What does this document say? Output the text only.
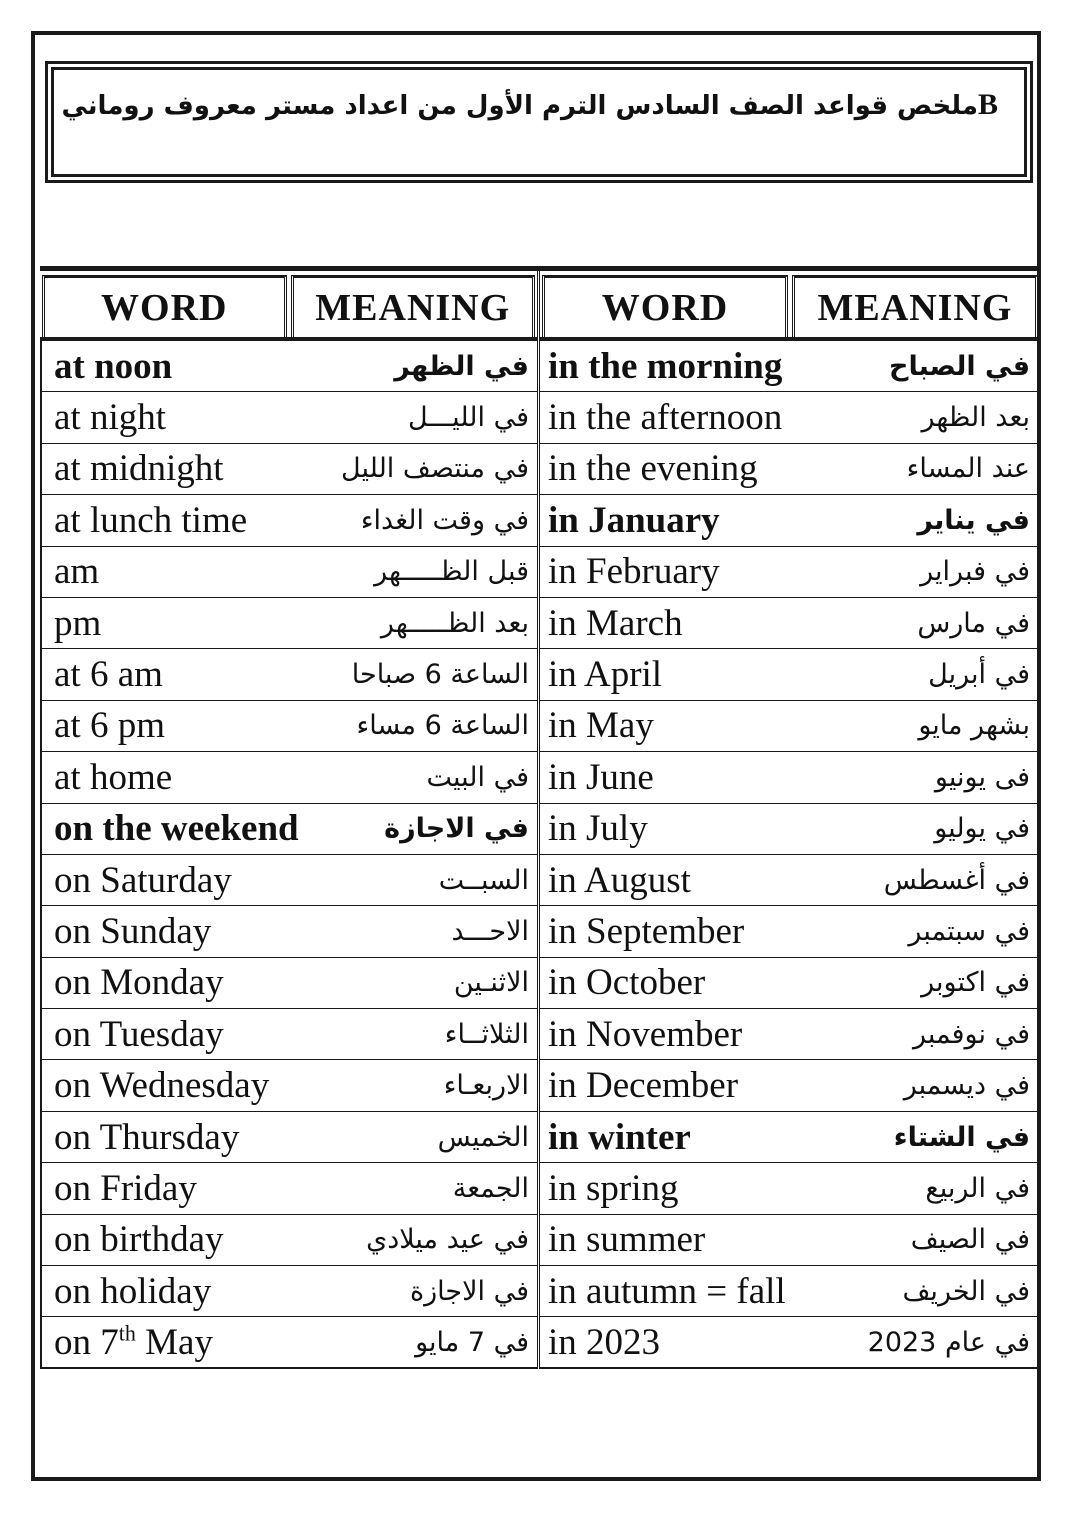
Bملخص قواعد الصف السادس الترم الأول من اعداد مستر معروف روماني
WORD	MEANING
at noon	في الظهر
at night	في الليـــل
at midnight	في منتصف الليل
at lunch time	في وقت الغداء
am	قبل الظـــــهر
pm	بعد الظـــــهر
at 6 am	الساعة 6 صباحا
at 6 pm	الساعة 6 مساء
at home	في البيت
on the weekend	في الاجازة
on Saturday	السبــت
on Sunday	الاحـــد
on Monday	الاثنـين
on Tuesday	الثلاثــاء
on Wednesday	الاربعـاء
on Thursday	الخميس
on Friday	الجمعة
on birthday	في عيد ميلادي
on holiday	في الاجازة
on 7th May	في 7 مايو
WORD	MEANING
in the morning	في الصباح
in the afternoon	بعد الظهر
in the evening	عند المساء
in January	في يناير
in February	في فبراير
in March	في مارس
in April	في أبريل
in May	بشهر مايو
in June	فى يونيو
in July	في يوليو
in August	في أغسطس
in September	في سبتمبر
in October	في اكتوبر
in November	في نوفمبر
in December	في ديسمبر
in winter	في الشتاء
in spring	في الربيع
in summer	في الصيف
in autumn = fall	في الخريف
in 2023	في عام 2023
